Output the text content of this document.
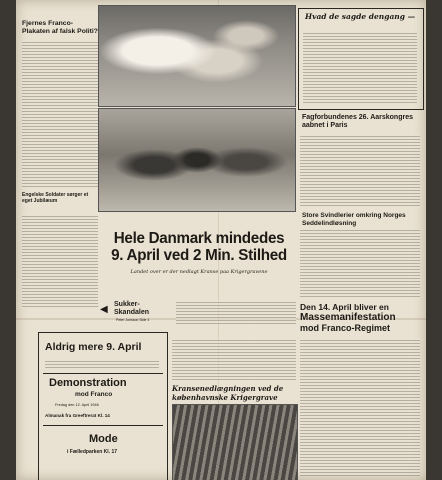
Fjernes Franco-Plakaten af falsk Politi?
Engelske Soldater sørger et eget Jubilæum
◀ Sukker-
Skandalen
Peter Jonsson Side 4
Hvad de sagde dengang —
Fagforbundenes 26. Aarskongres aabnet i Paris
Store Svindlerier omkring Norges Seddelindløsning
Hele Danmark mindedes
9. April ved 2 Min. Stilhed
Landet over er der nedlagt Kranse paa Krigergravene
Den 14. April bliver en
Massemanifestation
mod Franco-Regimet
Aldrig mere 9. April
Demonstration
mod Franco
Fredag den 12. April 1946
Almanak fra Greeftrerat Kl. 14
Mode
i Fælledparken Kl. 17
Kransenedlægningen ved de
københavnske Krigergrave
